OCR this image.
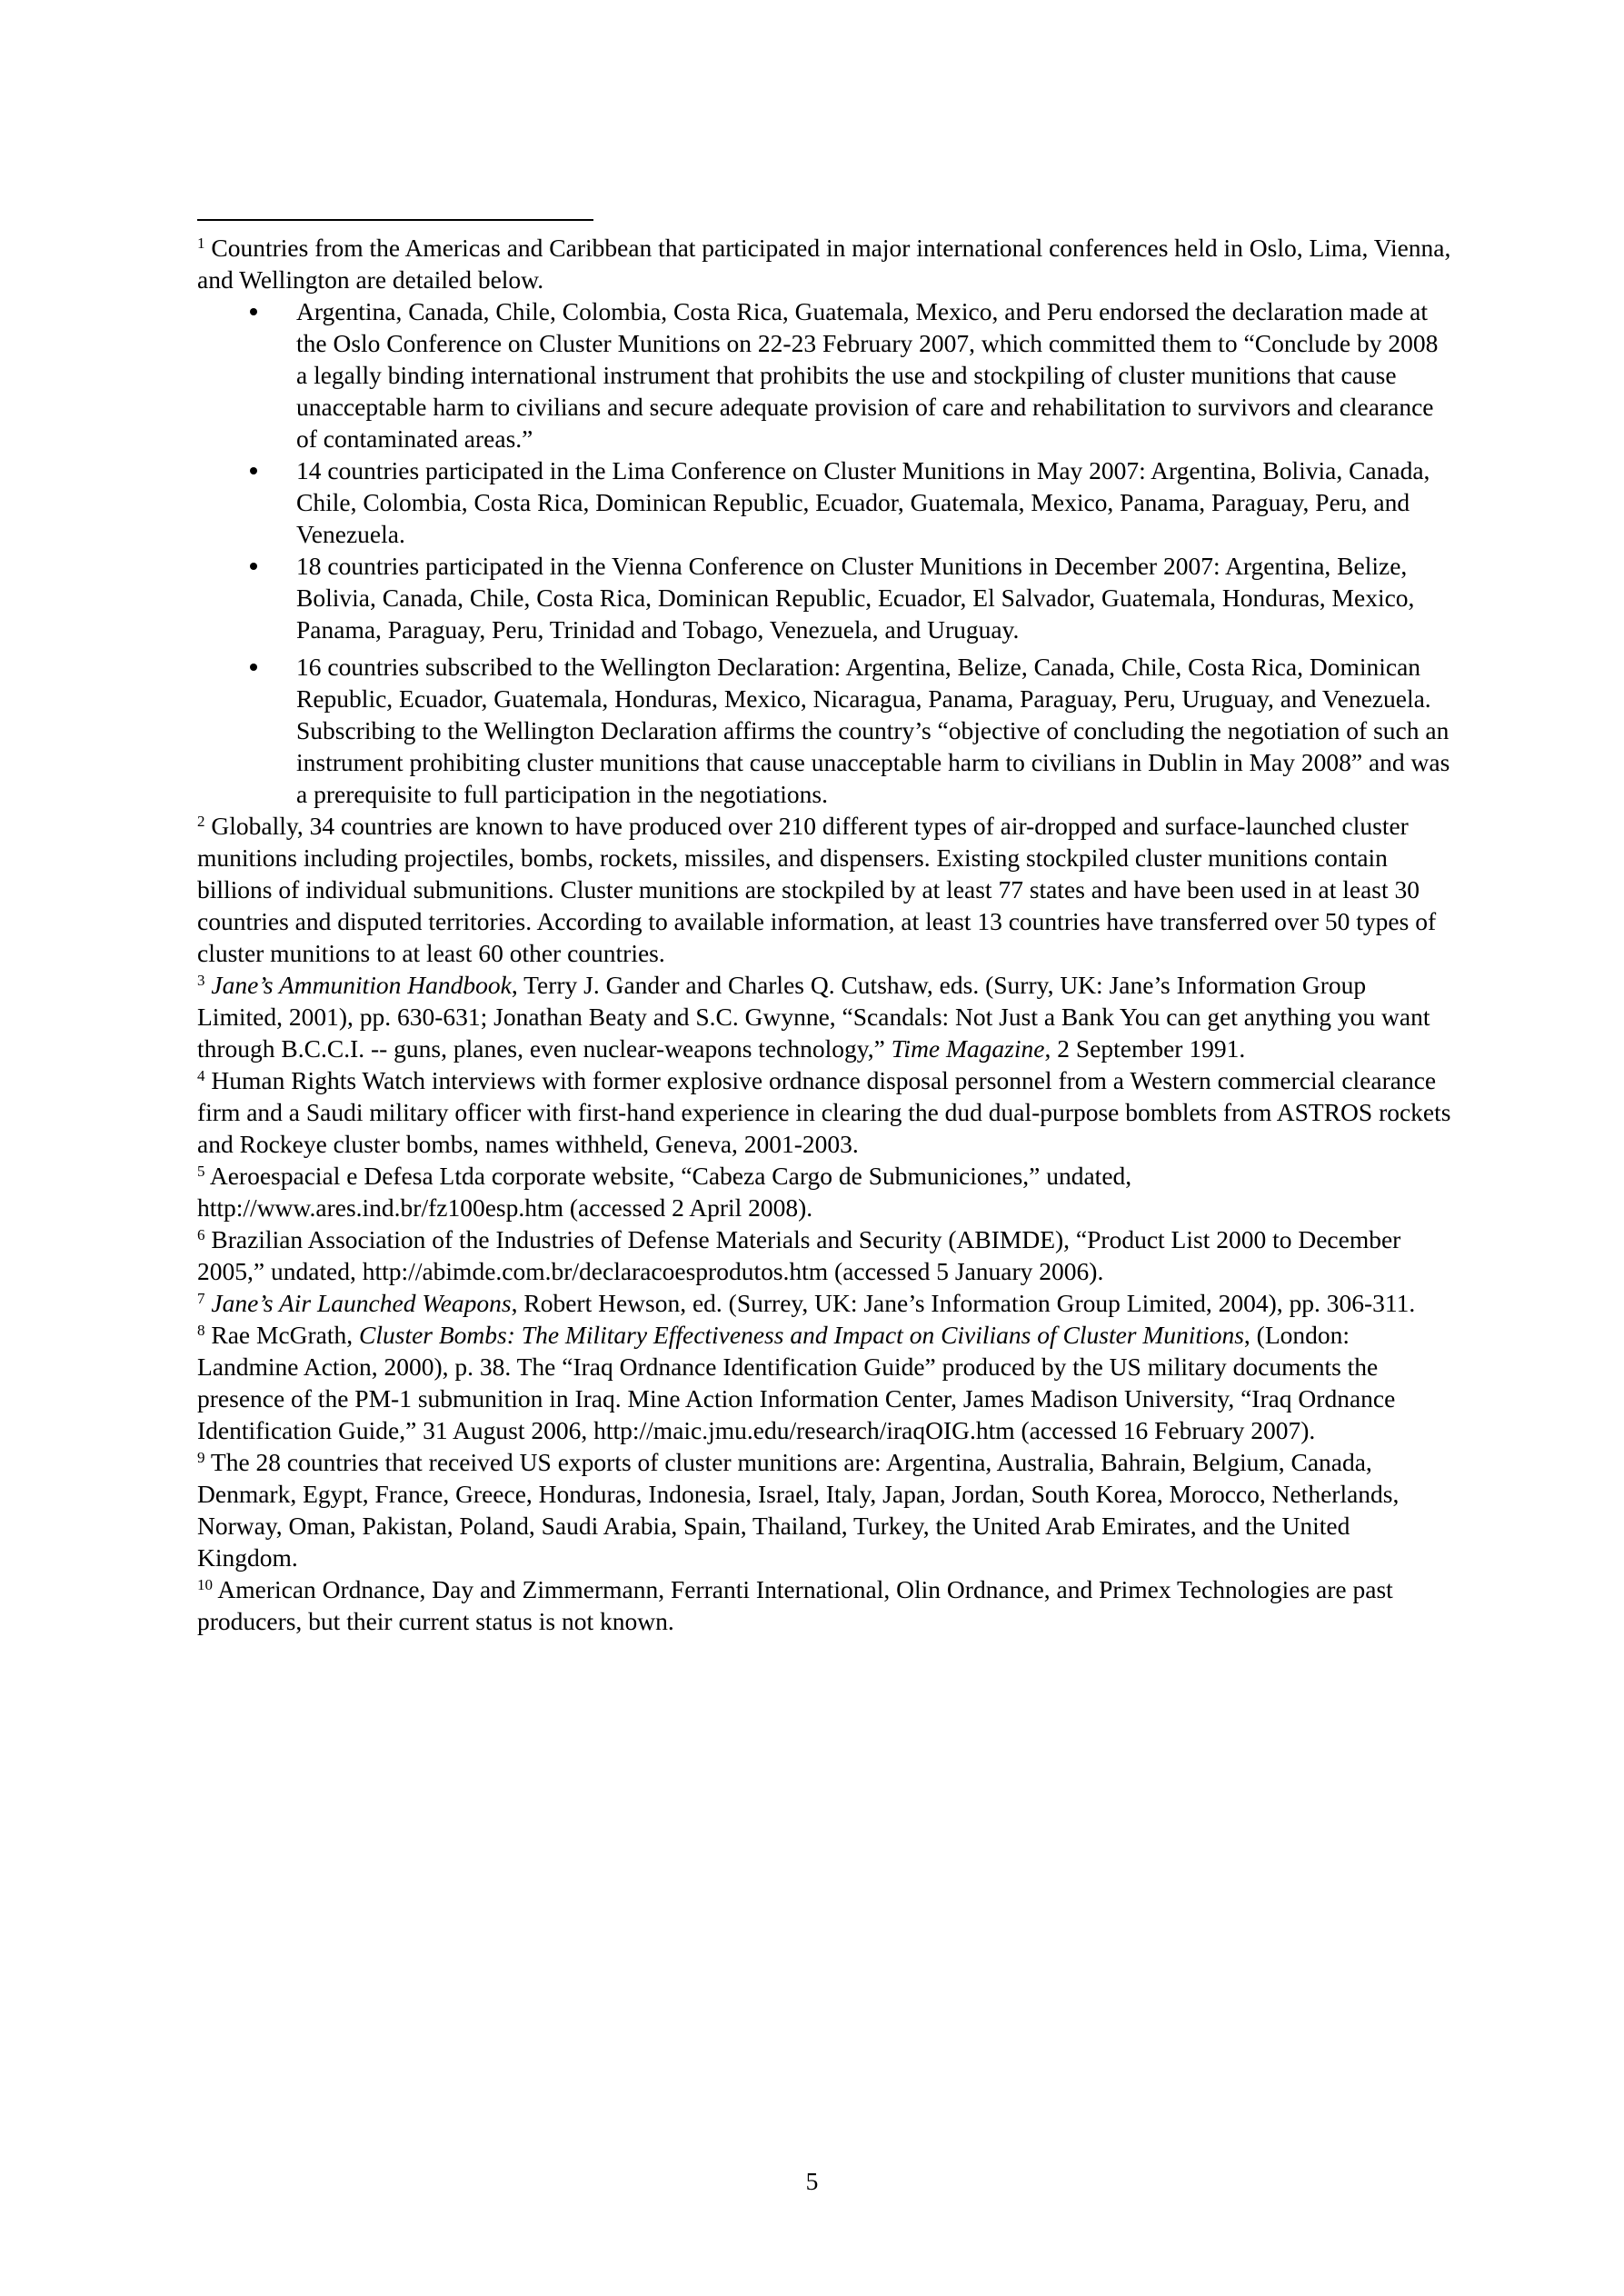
$^1$ Countries from the Americas and Caribbean that participated in major international conferences held in Oslo, Lima, Vienna, and Wellington are detailed below.

Argentina, Canada, Chile, Colombia, Costa Rica, Guatemala, Mexico, and Peru endorsed the declaration made at the Oslo Conference on Cluster Munitions on 22-23 February 2007, which committed them to “Conclude by 2008 a legally binding international instrument that prohibits the use and stockpiling of cluster munitions that cause unacceptable harm to civilians and secure adequate provision of care and rehabilitation to survivors and clearance of contaminated areas.”
14 countries participated in the Lima Conference on Cluster Munitions in May 2007: Argentina, Bolivia, Canada, Chile, Colombia, Costa Rica, Dominican Republic, Ecuador, Guatemala, Mexico, Panama, Paraguay, Peru, and Venezuela.
18 countries participated in the Vienna Conference on Cluster Munitions in December 2007: Argentina, Belize, Bolivia, Canada, Chile, Costa Rica, Dominican Republic, Ecuador, El Salvador, Guatemala, Honduras, Mexico, Panama, Paraguay, Peru, Trinidad and Tobago, Venezuela, and Uruguay.
16 countries subscribed to the Wellington Declaration: Argentina, Belize, Canada, Chile, Costa Rica, Dominican Republic, Ecuador, Guatemala, Honduras, Mexico, Nicaragua, Panama, Paraguay, Peru, Uruguay, and Venezuela. Subscribing to the Wellington Declaration affirms the country’s “objective of concluding the negotiation of such an instrument prohibiting cluster munitions that cause unacceptable harm to civilians in Dublin in May 2008” and was a prerequisite to full participation in the negotiations.

$^2$ Globally, 34 countries are known to have produced over 210 different types of air-dropped and surface-launched cluster munitions including projectiles, bombs, rockets, missiles, and dispensers. Existing stockpiled cluster munitions contain billions of individual submunitions. Cluster munitions are stockpiled by at least 77 states and have been used in at least 30 countries and disputed territories. According to available information, at least 13 countries have transferred over 50 types of cluster munitions to at least 60 other countries.

$^3$ Jane’s Ammunition Handbook, Terry J. Gander and Charles Q. Cutshaw, eds. (Surry, UK: Jane’s Information Group Limited, 2001), pp. 630-631; Jonathan Beaty and S.C. Gwynne, “Scandals: Not Just a Bank You can get anything you want through B.C.C.I. -- guns, planes, even nuclear-weapons technology,” Time Magazine, 2 September 1991.

$^4$ Human Rights Watch interviews with former explosive ordnance disposal personnel from a Western commercial clearance firm and a Saudi military officer with first-hand experience in clearing the dud dual-purpose bomblets from ASTROS rockets and Rockeye cluster bombs, names withheld, Geneva, 2001-2003.

$^5$ Aeroespacial e Defesa Ltda corporate website, “Cabeza Cargo de Submuniciones,” undated, http://www.ares.ind.br/fz100esp.htm (accessed 2 April 2008).

$^6$ Brazilian Association of the Industries of Defense Materials and Security (ABIMDE), “Product List 2000 to December 2005,” undated, http://abimde.com.br/declaracoesprodutos.htm (accessed 5 January 2006).

$^7$ Jane’s Air Launched Weapons, Robert Hewson, ed. (Surrey, UK: Jane’s Information Group Limited, 2004), pp. 306-311.

$^8$ Rae McGrath, Cluster Bombs: The Military Effectiveness and Impact on Civilians of Cluster Munitions, (London: Landmine Action, 2000), p. 38. The “Iraq Ordnance Identification Guide” produced by the US military documents the presence of the PM-1 submunition in Iraq. Mine Action Information Center, James Madison University, “Iraq Ordnance Identification Guide,” 31 August 2006, http://maic.jmu.edu/research/iraqOIG.htm (accessed 16 February 2007).

$^9$ The 28 countries that received US exports of cluster munitions are: Argentina, Australia, Bahrain, Belgium, Canada, Denmark, Egypt, France, Greece, Honduras, Indonesia, Israel, Italy, Japan, Jordan, South Korea, Morocco, Netherlands, Norway, Oman, Pakistan, Poland, Saudi Arabia, Spain, Thailand, Turkey, the United Arab Emirates, and the United Kingdom.

$^{10}$ American Ordnance, Day and Zimmermann, Ferranti International, Olin Ordnance, and Primex Technologies are past producers, but their current status is not known.

5
